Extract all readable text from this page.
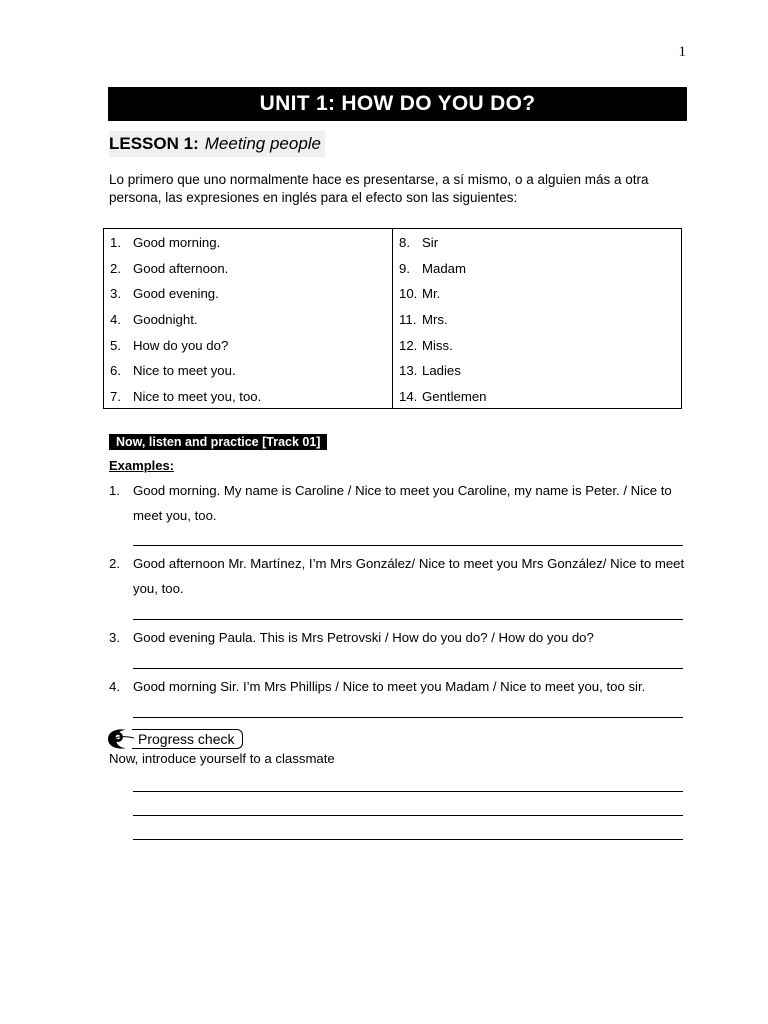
1
UNIT 1: HOW DO YOU DO?
LESSON 1: Meeting people
Lo primero que uno normalmente hace es presentarse, a sí mismo, o a alguien más a otra persona, las expresiones en inglés para el efecto son las siguientes:
1. Good morning.
2. Good afternoon.
3. Good evening.
4. Goodnight.
5. How do you do?
6. Nice to meet you.
7. Nice to meet you, too.
8. Sir
9. Madam
10. Mr.
11. Mrs.
12. Miss.
13. Ladies
14. Gentlemen
Now, listen and practice [Track 01]
Examples:
1. Good morning. My name is Caroline / Nice to meet you Caroline, my name is Peter. / Nice to meet you, too.
2. Good afternoon Mr. Martínez, I’m Mrs González/ Nice to meet you Mrs González/ Nice to meet you, too.
3. Good evening Paula. This is Mrs Petrovski / How do you do? / How do you do?
4. Good morning Sir. I’m Mrs Phillips / Nice to meet you Madam / Nice to meet you, too sir.
Progress check
Now, introduce yourself to a classmate
